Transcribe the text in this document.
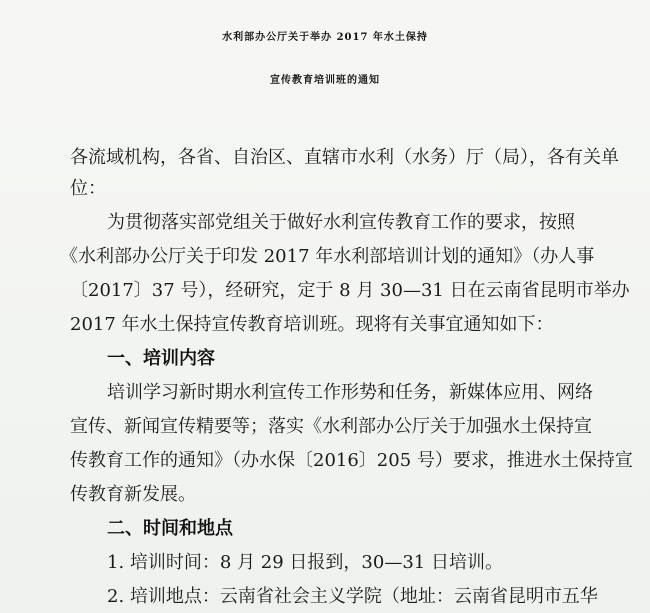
水利部办公厅关于举办 2017 年水土保持
宣传教育培训班的通知
各流域机构，各省、自治区、直辖市水利（水务）厅（局），各有关单
位：
为贯彻落实部党组关于做好水利宣传教育工作的要求，按照
《水利部办公厅关于印发 2017 年水利部培训计划的通知》（办人事
〔2017〕37 号），经研究，定于 8 月 30—31 日在云南省昆明市举办
2017 年水土保持宣传教育培训班。现将有关事宜通知如下：
一、培训内容
培训学习新时期水利宣传工作形势和任务，新媒体应用、网络
宣传、新闻宣传精要等；落实《水利部办公厅关于加强水土保持宣
传教育工作的通知》（办水保〔2016〕205 号）要求，推进水土保持宣
传教育新发展。
二、时间和地点
1. 培训时间：8 月 29 日报到，30—31 日培训。
2. 培训地点：云南省社会主义学院（地址：云南省昆明市五华
